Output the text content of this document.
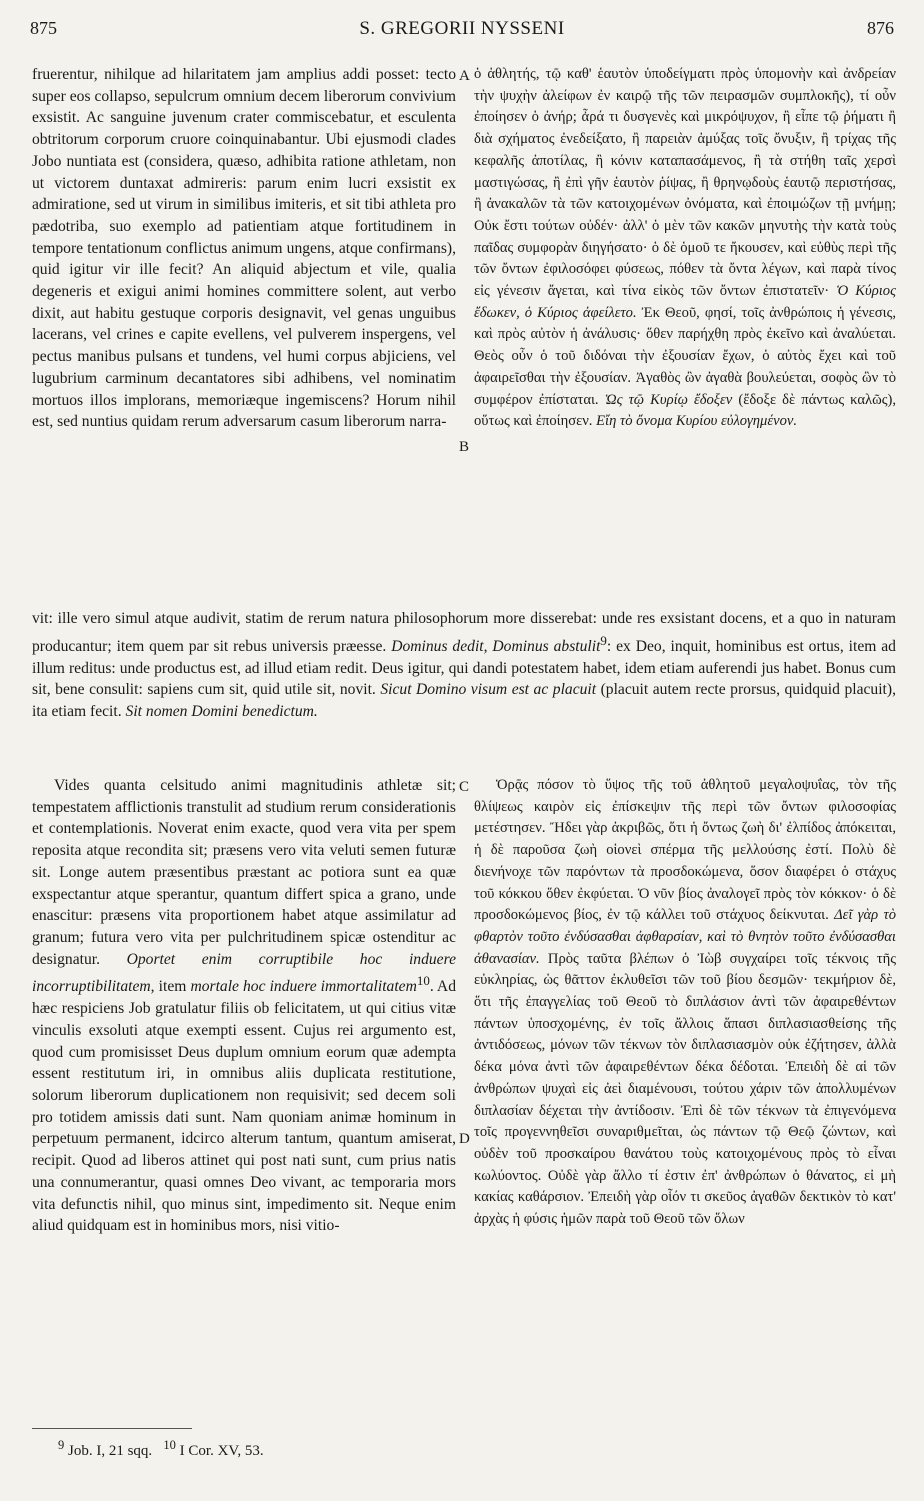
875	S. GREGORII NYSSENI	876
A
B
C
D

fruerentur, nihilque ad hilaritatem jam amplius addi posset: tecto super eos collapso, sepulcrum omnium decem liberorum convivium exsistit. Ac sanguine juvenum crater commiscebatur, et esculenta obtritorum corporum cruore coinquinabantur. Ubi ejusmodi clades Jobo nuntiata est (considera, quæso, adhibita ratione athletam, non ut victorem duntaxat admireris: parum enim lucri exsistit ex admiratione, sed ut virum in similibus imiteris, et sit tibi athleta pro pædotriba, suo exemplo ad patientiam atque fortitudinem in tempore tentationum conflictus animum ungens, atque confirmans), quid igitur vir ille fecit? An aliquid abjectum et vile, qualia degeneris et exigui animi homines committere solent, aut verbo dixit, aut habitu gestuque corporis designavit, vel genas unguibus lacerans, vel crines e capite evellens, vel pulverem inspergens, vel pectus manibus pulsans et tundens, vel humi corpus abjiciens, vel lugubrium carminum decantatores sibi adhibens, vel nominatim mortuos illos implorans, memoriæque ingemiscens? Horum nihil est, sed nuntius quidam rerum adversarum casum liberorum narra-

ὁ ἀθλητής, τῷ καθ' ἑαυτὸν ὑποδείγματι πρὸς ὑπομονὴν καὶ ἀνδρείαν τὴν ψυχὴν ἀλείφων ἐν καιρῷ τῆς τῶν πειρασμῶν συμπλοκῆς), τί οὖν ἐποίησεν ὁ ἀνήρ; ἆρά τι δυσγενὲς καὶ μικρόψυχον, ἢ εἶπε τῷ ῥήματι ἢ διὰ σχήματος ἐνεδείξατο, ἢ παρειὰν ἀμύξας τοῖς ὄνυξιν, ἢ τρίχας τῆς κεφαλῆς ἀποτίλας, ἢ κόνιν καταπασάμενος, ἢ τὰ στήθη ταῖς χερσὶ μαστιγώσας, ἢ ἐπὶ γῆν ἑαυτὸν ῥίψας, ἢ θρηνῳδοὺς ἑαυτῷ περιστήσας, ἢ ἀνακαλῶν τὰ τῶν κατοιχομένων ὀνόματα, καὶ ἐποιμώζων τῇ μνήμῃ; Οὐκ ἔστι τούτων οὐδέν· ἀλλ' ὁ μὲν τῶν κακῶν μηνυτὴς τὴν κατὰ τοὺς παῖδας συμφορὰν διηγήσατο· ὁ δὲ ὁμοῦ τε ἤκουσεν, καὶ εὐθὺς περὶ τῆς τῶν ὄντων ἐφιλοσόφει φύσεως, πόθεν τὰ ὄντα λέγων, καὶ παρὰ τίνος εἰς γένεσιν ἄγεται, καὶ τίνα εἰκὸς τῶν ὄντων ἐπιστατεῖν· Ὁ Κύριος ἔδωκεν, ὁ Κύριος ἀφείλετο. Ἐκ Θεοῦ, φησί, τοῖς ἀνθρώποις ἡ γένεσις, καὶ πρὸς αὐτὸν ἡ ἀνάλυσις· ὅθεν παρήχθη πρὸς ἐκεῖνο καὶ ἀναλύεται. Θεὸς οὖν ὁ τοῦ διδόναι τὴν ἐξουσίαν ἔχων, ὁ αὐτὸς ἔχει καὶ τοῦ ἀφαιρεῖσθαι τὴν ἐξουσίαν. Ἀγαθὸς ὢν ἀγαθὰ βουλεύεται, σοφὸς ὢν τὸ συμφέρον ἐπίσταται. Ὡς τῷ Κυρίῳ ἔδοξεν (ἔδοξε δὲ πάντως καλῶς), οὕτως καὶ ἐποίησεν. Εἴη τὸ ὄνομα Κυρίου εὐλογημένον.

vit: ille vero simul atque audivit, statim de rerum natura philosophorum more disserebat: unde res exsistant docens, et a quo in naturam producantur; item quem par sit rebus universis præesse. Dominus dedit, Dominus abstulit$^9$: ex Deo, inquit, hominibus est ortus, item ad illum reditus: unde productus est, ad illud etiam redit. Deus igitur, qui dandi potestatem habet, idem etiam auferendi jus habet. Bonus cum sit, bene consulit: sapiens cum sit, quid utile sit, novit. Sicut Domino visum est ac placuit (placuit autem recte prorsus, quidquid placuit), ita etiam fecit. Sit nomen Domini benedictum.

Vides quanta celsitudo animi magnitudinis athletæ sit; tempestatem afflictionis transtulit ad studium rerum considerationis et contemplationis. Noverat enim exacte, quod vera vita per spem reposita atque recondita sit; præsens vero vita veluti semen futuræ sit. Longe autem præsentibus præstant ac potiora sunt ea quæ exspectantur atque sperantur, quantum differt spica a grano, unde enascitur: præsens vita proportionem habet atque assimilatur ad granum; futura vero vita per pulchritudinem spicæ ostenditur ac designatur. Oportet enim corruptibile hoc induere incorruptibilitatem, item mortale hoc induere immortalitatem$^{10}$. Ad hæc respiciens Job gratulatur filiis ob felicitatem, ut qui citius vitæ vinculis exsoluti atque exempti essent. Cujus rei argumento est, quod cum promisisset Deus duplum omnium eorum quæ adempta essent restitutum iri, in omnibus aliis duplicata restitutione, solorum liberorum duplicationem non requisivit; sed decem soli pro totidem amissis dati sunt. Nam quoniam animæ hominum in perpetuum permanent, idcirco alterum tantum, quantum amiserat, recipit. Quod ad liberos attinet qui post nati sunt, cum prius natis una connumerantur, quasi omnes Deo vivant, ac temporaria mors vita defunctis nihil, quo minus sint, impedimento sit. Neque enim aliud quidquam est in hominibus mors, nisi vitio-

Ὁρᾷς πόσον τὸ ὕψος τῆς τοῦ ἀθλητοῦ μεγαλοψυΐας, τὸν τῆς θλίψεως καιρὸν εἰς ἐπίσκεψιν τῆς περὶ τῶν ὄντων φιλοσοφίας μετέστησεν. Ἤδει γὰρ ἀκριβῶς, ὅτι ἡ ὄντως ζωὴ δι' ἐλπίδος ἀπόκειται, ἡ δὲ παροῦσα ζωὴ οἱονεὶ σπέρμα τῆς μελλούσης ἐστί. Πολὺ δὲ διενήνοχε τῶν παρόντων τὰ προσδοκώμενα, ὅσον διαφέρει ὁ στάχυς τοῦ κόκκου ὅθεν ἐκφύεται. Ὁ νῦν βίος ἀναλογεῖ πρὸς τὸν κόκκον· ὁ δὲ προσδοκώμενος βίος, ἐν τῷ κάλλει τοῦ στάχυος δείκνυται. Δεῖ γὰρ τὸ φθαρτὸν τοῦτο ἐνδύσασθαι ἀφθαρσίαν, καὶ τὸ θνητὸν τοῦτο ἐνδύσασθαι ἀθανασίαν. Πρὸς ταῦτα βλέπων ὁ Ἰὼβ συγχαίρει τοῖς τέκνοις τῆς εὐκληρίας, ὡς θᾶττον ἐκλυθεῖσι τῶν τοῦ βίου δεσμῶν· τεκμήριον δὲ, ὅτι τῆς ἐπαγγελίας τοῦ Θεοῦ τὸ διπλάσιον ἀντὶ τῶν ἀφαιρεθέντων πάντων ὑποσχομένης, ἐν τοῖς ἄλλοις ἅπασι διπλασιασθείσης τῆς ἀντιδόσεως, μόνων τῶν τέκνων τὸν διπλασιασμὸν οὐκ ἐζήτησεν, ἀλλὰ δέκα μόνα ἀντὶ τῶν ἀφαιρεθέντων δέκα δέδοται. Ἐπειδὴ δὲ αἱ τῶν ἀνθρώπων ψυχαὶ εἰς ἀεὶ διαμένουσι, τούτου χάριν τῶν ἀπολλυμένων διπλασίαν δέχεται τὴν ἀντίδοσιν. Ἐπὶ δὲ τῶν τέκνων τὰ ἐπιγενόμενα τοῖς προγεννηθεῖσι συναριθμεῖται, ὡς πάντων τῷ Θεῷ ζώντων, καὶ οὐδὲν τοῦ προσκαίρου θανάτου τοὺς κατοιχομένους πρὸς τὸ εἶναι κωλύοντος. Οὐδὲ γὰρ ἄλλο τί ἐστιν ἐπ' ἀνθρώπων ὁ θάνατος, εἰ μὴ κακίας καθάρσιον. Ἐπειδὴ γὰρ οἷόν τι σκεῦος ἀγαθῶν δεκτικὸν τὸ κατ' ἀρχὰς ἡ φύσις ἡμῶν παρὰ τοῦ Θεοῦ τῶν ὅλων

$^9$ Job. I, 21 sqq. $^{10}$ I Cor. XV, 53.
